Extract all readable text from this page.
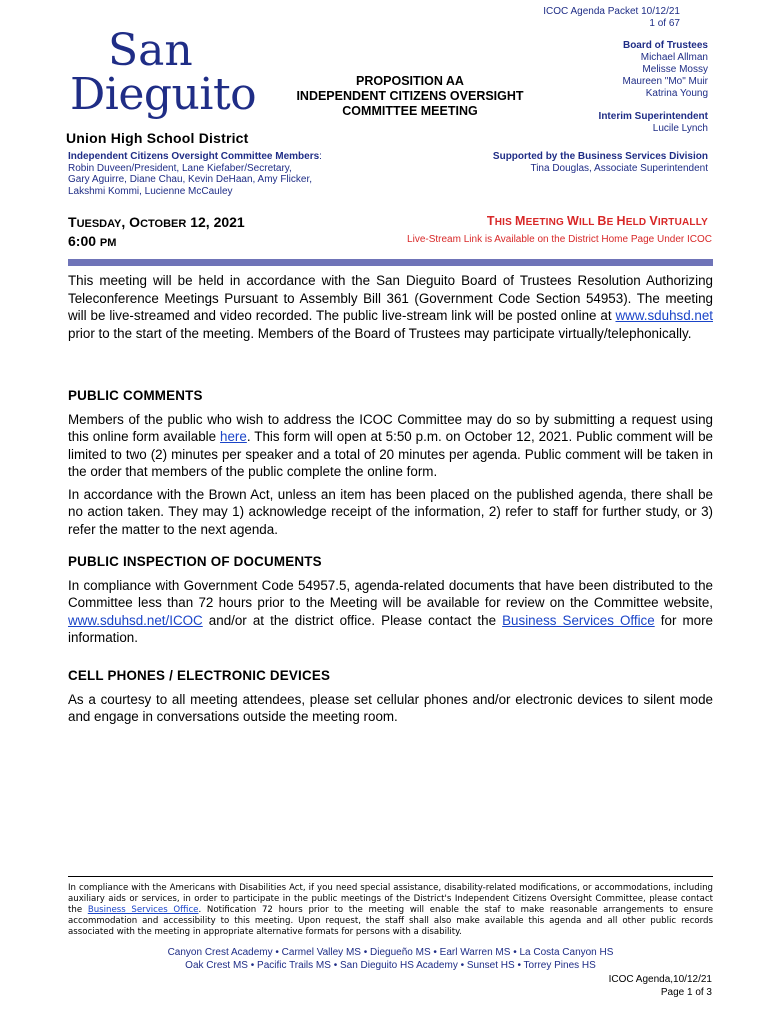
ICOC Agenda Packet 10/12/21
1 of 67
San
Dieguito
Union High School District
PROPOSITION AA
INDEPENDENT CITIZENS OVERSIGHT
COMMITTEE MEETING
Board of Trustees
Michael Allman
Melisse Mossy
Maureen "Mo" Muir
Katrina Young
Interim Superintendent
Lucile Lynch
Independent Citizens Oversight Committee Members:
Robin Duveen/President, Lane Kiefaber/Secretary,
Gary Aguirre, Diane Chau, Kevin DeHaan, Amy Flicker,
Lakshmi Kommi, Lucienne McCauley
Supported by the Business Services Division
Tina Douglas, Associate Superintendent
TUESDAY, OCTOBER 12, 2021
6:00 PM
THIS MEETING WILL BE HELD VIRTUALLY
Live-Stream Link is Available on the District Home Page Under ICOC

This meeting will be held in accordance with the San Dieguito Board of Trustees Resolution Authorizing Teleconference Meetings Pursuant to Assembly Bill 361 (Government Code Section 54953). The meeting will be live-streamed and video recorded. The public live-stream link will be posted online at www.sduhsd.net prior to the start of the meeting. Members of the Board of Trustees may participate virtually/telephonically.

PUBLIC COMMENTS

Members of the public who wish to address the ICOC Committee may do so by submitting a request using this online form available here. This form will open at 5:50 p.m. on October 12, 2021. Public comment will be limited to two (2) minutes per speaker and a total of 20 minutes per agenda. Public comment will be taken in the order that members of the public complete the online form.

In accordance with the Brown Act, unless an item has been placed on the published agenda, there shall be no action taken. They may 1) acknowledge receipt of the information, 2) refer to staff for further study, or 3) refer the matter to the next agenda.

PUBLIC INSPECTION OF DOCUMENTS

In compliance with Government Code 54957.5, agenda-related documents that have been distributed to the Committee less than 72 hours prior to the Meeting will be available for review on the Committee website, www.sduhsd.net/ICOC and/or at the district office. Please contact the Business Services Office for more information.

CELL PHONES / ELECTRONIC DEVICES

As a courtesy to all meeting attendees, please set cellular phones and/or electronic devices to silent mode and engage in conversations outside the meeting room.

In compliance with the Americans with Disabilities Act, if you need special assistance, disability-related modifications, or accommodations, including auxiliary aids or services, in order to participate in the public meetings of the District's Independent Citizens Oversight Committee, please contact the Business Services Office. Notification 72 hours prior to the meeting will enable the staf to make reasonable arrangements to ensure accommodation and accessibility to this meeting. Upon request, the staff shall also make available this agenda and all other public records associated with the meeting in appropriate alternative formats for persons with a disability.
Canyon Crest Academy • Carmel Valley MS • Diegueño MS • Earl Warren MS • La Costa Canyon HS
Oak Crest MS • Pacific Trails MS • San Dieguito HS Academy • Sunset HS • Torrey Pines HS
ICOC Agenda,10/12/21
Page 1 of 3
